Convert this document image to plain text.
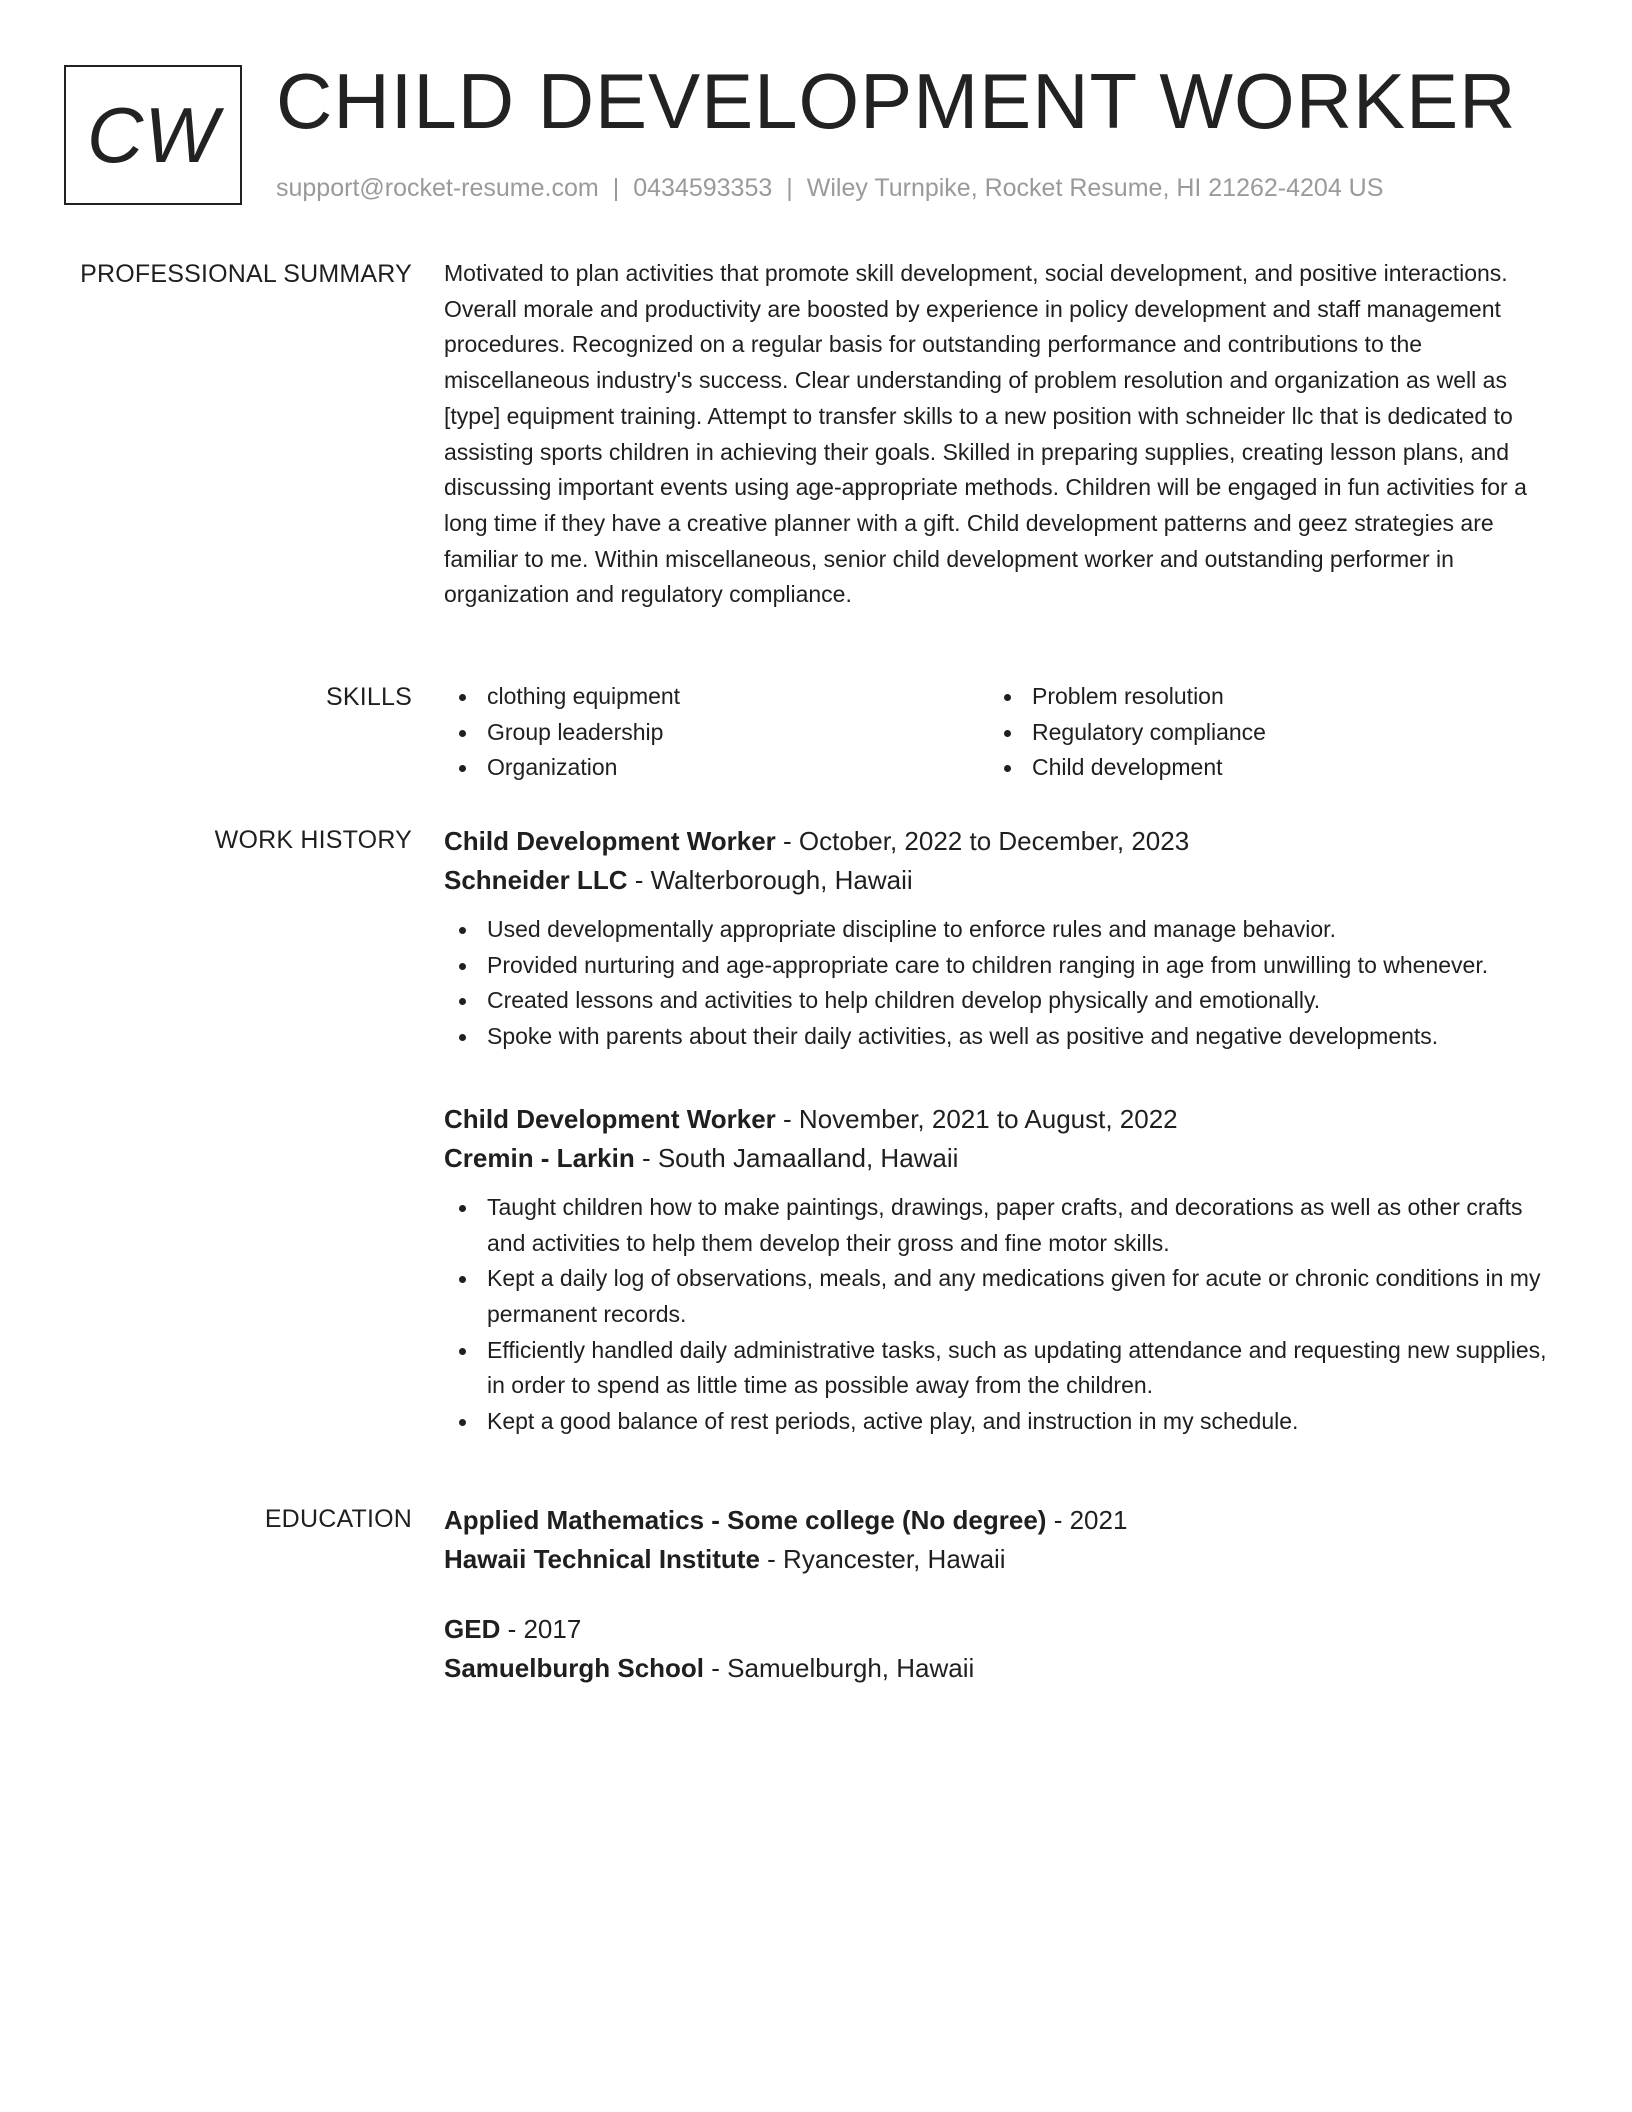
CW CHILD DEVELOPMENT WORKER
support@rocket-resume.com | 0434593353 | Wiley Turnpike, Rocket Resume, HI 21262-4204 US
PROFESSIONAL SUMMARY Motivated to plan activities that promote skill development, social development, and positive interactions. Overall morale and productivity are boosted by experience in policy development and staff management procedures. Recognized on a regular basis for outstanding performance and contributions to the miscellaneous industry's success. Clear understanding of problem resolution and organization as well as [type] equipment training. Attempt to transfer skills to a new position with schneider llc that is dedicated to assisting sports children in achieving their goals. Skilled in preparing supplies, creating lesson plans, and discussing important events using age-appropriate methods. Children will be engaged in fun activities for a long time if they have a creative planner with a gift. Child development patterns and geez strategies are familiar to me. Within miscellaneous, senior child development worker and outstanding performer in organization and regulatory compliance.

SKILLS	clothing equipment
Group leadership
Organization
Problem resolution
Regulatory compliance
Child development
WORK HISTORY Child Development Worker - October, 2022 to December, 2023
Schneider LLC - Walterborough, Hawaii
Used developmentally appropriate discipline to enforce rules and manage behavior.
Provided nurturing and age-appropriate care to children ranging in age from unwilling to whenever.
Created lessons and activities to help children develop physically and emotionally.
Spoke with parents about their daily activities, as well as positive and negative developments.
Child Development Worker - November, 2021 to August, 2022
Cremin - Larkin - South Jamaalland, Hawaii
Taught children how to make paintings, drawings, paper crafts, and decorations as well as other crafts and activities to help them develop their gross and fine motor skills.
Kept a daily log of observations, meals, and any medications given for acute or chronic conditions in my permanent records.
Efficiently handled daily administrative tasks, such as updating attendance and requesting new supplies, in order to spend as little time as possible away from the children.
Kept a good balance of rest periods, active play, and instruction in my schedule.
EDUCATION Applied Mathematics - Some college (No degree) - 2021
Hawaii Technical Institute - Ryancester, Hawaii
GED - 2017
Samuelburgh School - Samuelburgh, Hawaii
